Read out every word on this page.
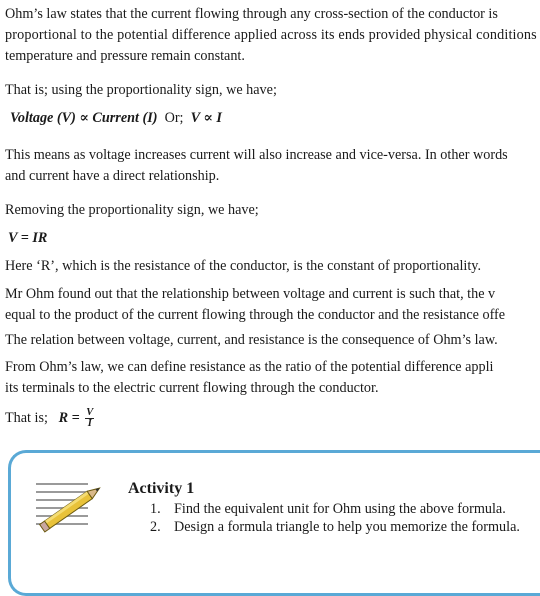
Ohm’s law states that the current flowing through any cross-section of the conductor is

proportional to the potential difference applied across its ends provided physical conditions

temperature and pressure remain constant.

That is; using the proportionality sign, we have;

Voltage (V) ∝ Current (I) Or; V ∝ I

This means as voltage increases current will also increase and vice-versa. In other words

and current have a direct relationship.

Removing the proportionality sign, we have;

V = IR

Here ‘R’, which is the resistance of the conductor, is the constant of proportionality.

Mr Ohm found out that the relationship between voltage and current is such that, the v

equal to the product of the current flowing through the conductor and the resistance offe

The relation between voltage, current, and resistance is the consequence of Ohm’s law.

From Ohm’s law, we can define resistance as the ratio of the potential difference appli

its terminals to the electric current flowing through the conductor.

That is; $R = \frac{V}{I}$

Activity 1
1. Find the equivalent unit for Ohm using the above formula.
2. Design a formula triangle to help you memorize the formula.
